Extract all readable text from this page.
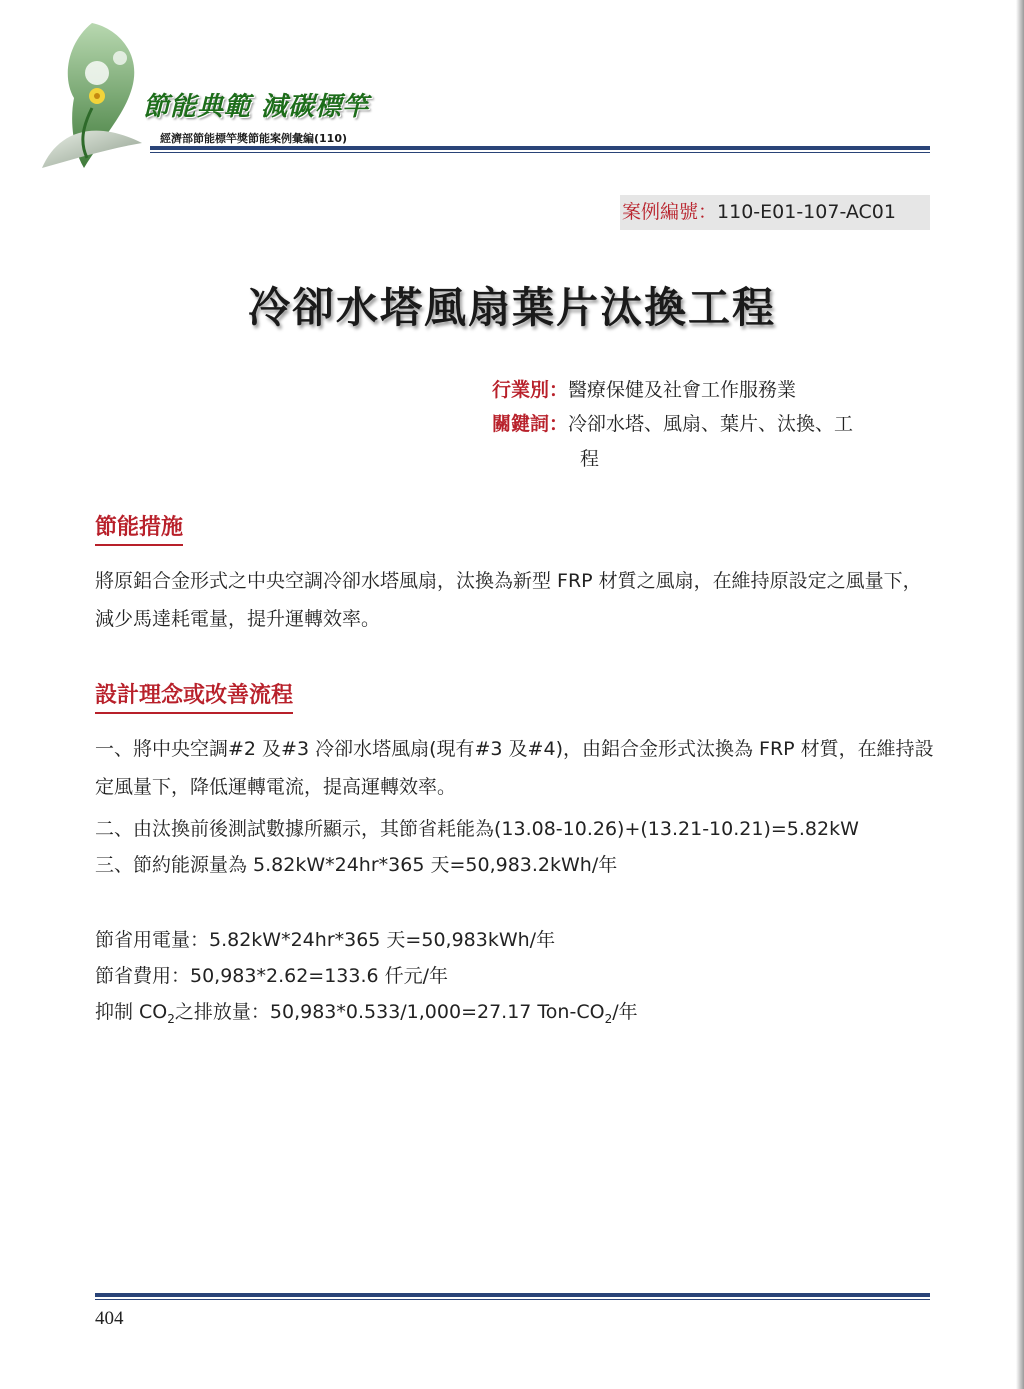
節能典範 減碳標竿
經濟部節能標竿獎節能案例彙編(110)
案例編號：110-E01-107-AC01
冷卻水塔風扇葉片汰換工程
行業別：醫療保健及社會工作服務業
關鍵詞：冷卻水塔、風扇、葉片、汰換、工
程
節能措施
將原鋁合金形式之中央空調冷卻水塔風扇，汰換為新型 FRP 材質之風扇，在維持原設定之風量下，減少馬達耗電量，提升運轉效率。
設計理念或改善流程
一、將中央空調#2 及#3 冷卻水塔風扇(現有#3 及#4)，由鋁合金形式汰換為 FRP 材質，在維持設定風量下，降低運轉電流，提高運轉效率。
二、由汰換前後測試數據所顯示，其節省耗能為(13.08-10.26)+(13.21-10.21)=5.82kW
三、節約能源量為 5.82kW*24hr*365 天=50,983.2kWh/年
節省用電量：5.82kW*24hr*365 天=50,983kWh/年
節省費用：50,983*2.62=133.6 仟元/年
抑制 $CO_2$之排放量：50,983*0.533/1,000=27.17 Ton-$CO_2/$年
404
